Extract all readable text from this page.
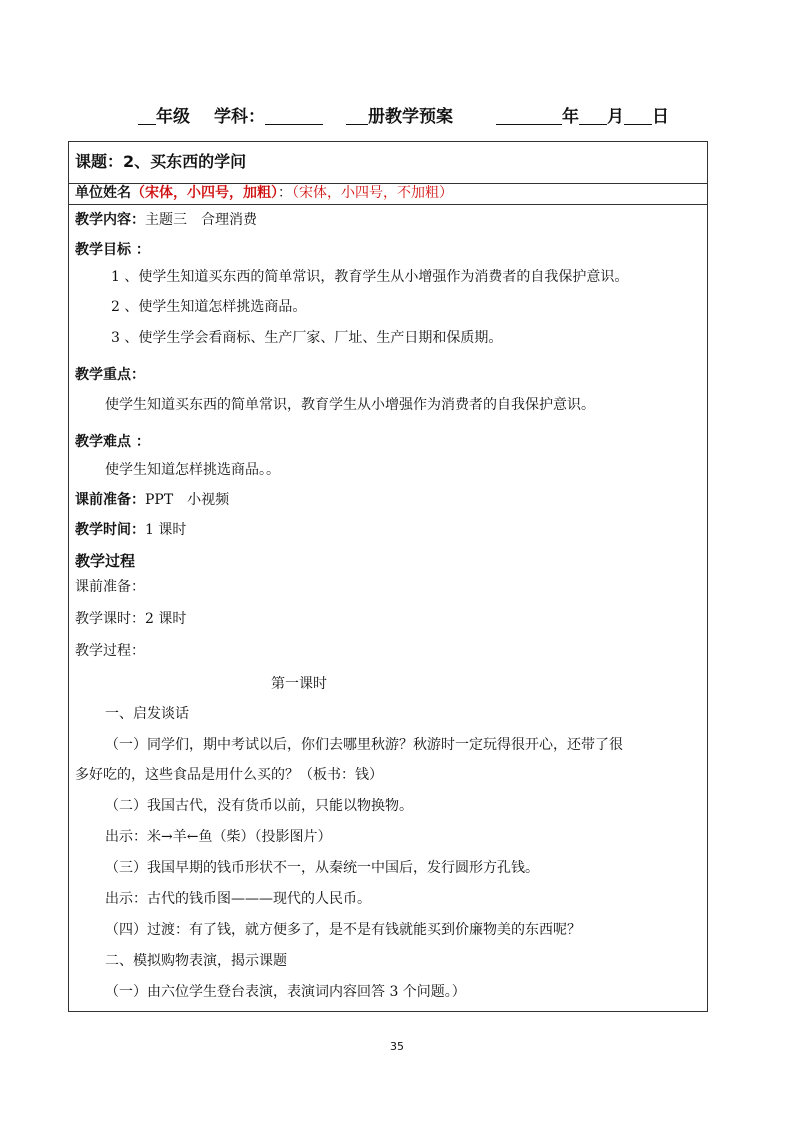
年级 学科：	册教学预案	年 月 日
课题：2、买东西的学问
单位姓名（宋体，小四号，加粗）：（宋体，小四号，不加粗）
教学内容：主题三　合理消费
教学目标 ：
1 、使学生知道买东西的简单常识，教育学生从小增强作为消费者的自我保护意识。
2 、使学生知道怎样挑选商品。
3 、使学生学会看商标、生产厂家、厂址、生产日期和保质期。
教学重点：
使学生知道买东西的简单常识，教育学生从小增强作为消费者的自我保护意识。
教学难点 ：
使学生知道怎样挑选商品。。
课前准备：PPT　小视频
教学时间：1 课时
教学过程
课前准备：
教学课时：2 课时
教学过程：
第一课时
一、启发谈话
（一）同学们，期中考试以后，你们去哪里秋游？秋游时一定玩得很开心，还带了很
多好吃的，这些食品是用什么买的？（板书：钱）
（二）我国古代，没有货币以前，只能以物换物。
出示：米→羊←鱼（柴）（投影图片）
（三）我国早期的钱币形状不一，从秦统一中国后，发行圆形方孔钱。
出示：古代的钱币图———现代的人民币。
（四）过渡：有了钱，就方便多了，是不是有钱就能买到价廉物美的东西呢？
二、模拟购物表演，揭示课题
（一）由六位学生登台表演，表演词内容回答 3 个问题。）
35
